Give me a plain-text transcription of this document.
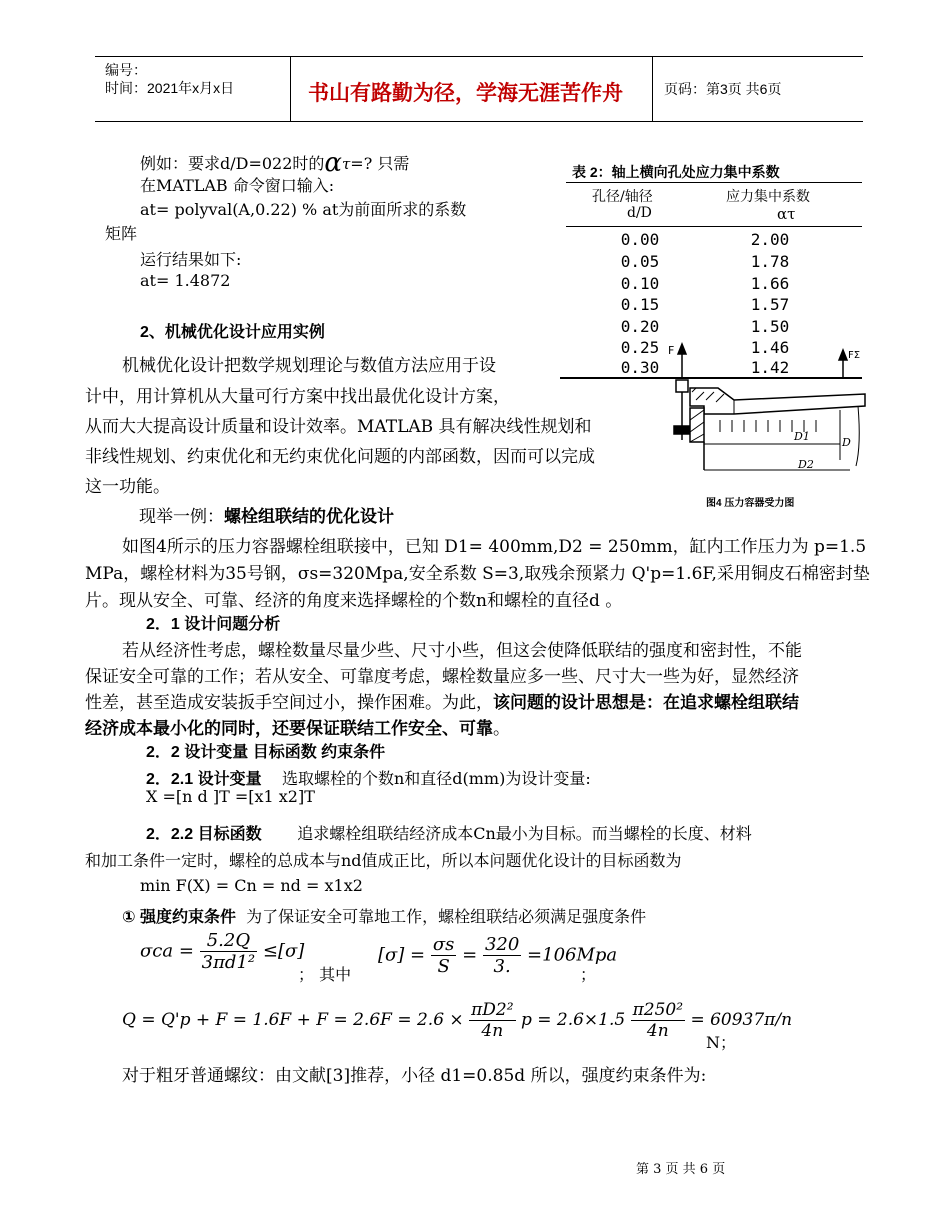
编号：
时间：2021年x月x日	书山有路勤为径，学海无涯苦作舟	页码：第3页 共6页
例如：要求d/D=022时的ατ=? 只需
在MATLAB 命令窗口输入:
at= polyval(A,0.22) % at为前面所求的系数
矩阵
运行结果如下:
at= 1.4872
表 2：轴上横向孔处应力集中系数
孔径/轴径
d/D
应力集中系数
ατ
0.00	2.00
0.05	1.78
0.10	1.66
0.15	1.57
0.20	1.50
0.25	1.46
0.30	1.42
F	FΣ
D1	D
D2
图4 压力容器受力图
2、机械优化设计应用实例
机械优化设计把数学规划理论与数值方法应用于设
计中，用计算机从大量可行方案中找出最优化设计方案，
从而大大提高设计质量和设计效率。MATLAB 具有解决线性规划和
非线性规划、约束优化和无约束优化问题的内部函数，因而可以完成
这一功能。
现举一例：螺栓组联结的优化设计
如图4所示的压力容器螺栓组联接中，已知 D1= 400mm,D2 = 250mm，缸内工作压力为 p=1.5
MPa，螺栓材料为35号钢，σs=320Mpa,安全系数 S=3,取残余预紧力 Q'p=1.6F,采用铜皮石棉密封垫
片。现从安全、可靠、经济的角度来选择螺栓的个数n和螺栓的直径d 。
2．1 设计问题分析
若从经济性考虑，螺栓数量尽量少些、尺寸小些，但这会使降低联结的强度和密封性，不能
保证安全可靠的工作；若从安全、可靠度考虑，螺栓数量应多一些、尺寸大一些为好，显然经济
性差，甚至造成安装扳手空间过小，操作困难。为此，该问题的设计思想是：在追求螺栓组联结
经济成本最小化的同时，还要保证联结工作安全、可靠。
2．2 设计变量 目标函数 约束条件
2．2.1 设计变量 选取螺栓的个数n和直径d(mm)为设计变量:
X =[n d ]T =[x1 x2]T
2．2.2 目标函数 追求螺栓组联结经济成本Cn最小为目标。而当螺栓的长度、材料
和加工条件一定时，螺栓的总成本与nd值成正比，所以本问题优化设计的目标函数为
min F(X) = Cn = nd = x1x2
① 强度约束条件 为了保证安全可靠地工作，螺栓组联结必须满足强度条件
$\sigma ca = \frac{5.2Q}{\text{3πd1²}} \le[\sigma]$
； 其中
$[\sigma] = \frac{\sigma s}{S} = \frac{320}{3.} =106Mpa$
；
$Q = Q'p + F = 1.6F + F = 2.6F = 2.6 \times \frac{\text{πD2²}}{4n}$ $p = 2.6\times 1.5 \frac{\text{π250²}}{4n} = 60937\pi/n$
N；
对于粗牙普通螺纹：由文献[3]推荐，小径 d1=0.85d 所以，强度约束条件为:
第 3 页 共 6 页
